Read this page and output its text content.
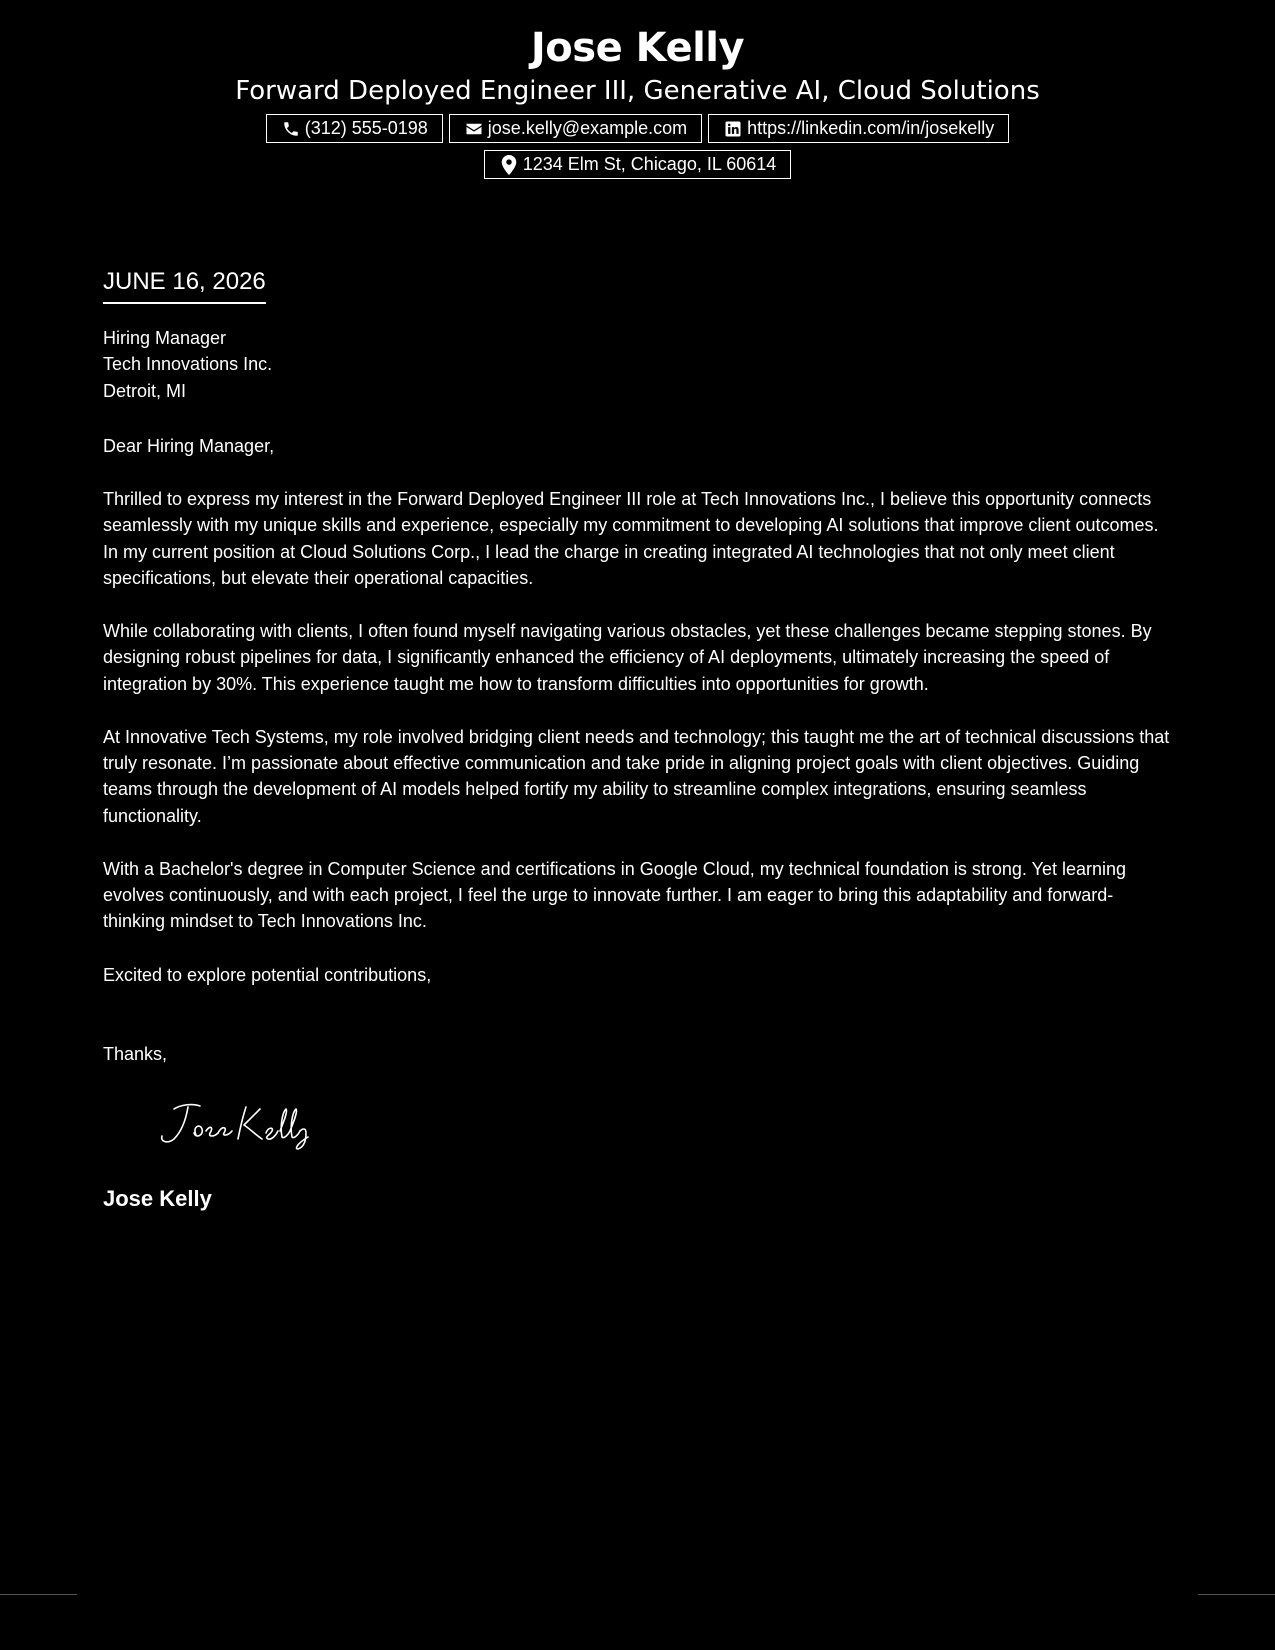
Jose Kelly
Forward Deployed Engineer III, Generative AI, Cloud Solutions
(312) 555-0198	jose.kelly@example.com	https://linkedin.com/in/josekelly
1234 Elm St, Chicago, IL 60614
JUNE 16, 2026
Hiring Manager
Tech Innovations Inc.
Detroit, MI
Dear Hiring Manager,

Thrilled to express my interest in the Forward Deployed Engineer III role at Tech Innovations Inc., I believe this opportunity connects seamlessly with my unique skills and experience, especially my commitment to developing AI solutions that improve client outcomes. In my current position at Cloud Solutions Corp., I lead the charge in creating integrated AI technologies that not only meet client specifications, but elevate their operational capacities.

While collaborating with clients, I often found myself navigating various obstacles, yet these challenges became stepping stones. By designing robust pipelines for data, I significantly enhanced the efficiency of AI deployments, ultimately increasing the speed of integration by 30%. This experience taught me how to transform difficulties into opportunities for growth.

At Innovative Tech Systems, my role involved bridging client needs and technology; this taught me the art of technical discussions that truly resonate. I’m passionate about effective communication and take pride in aligning project goals with client objectives. Guiding teams through the development of AI models helped fortify my ability to streamline complex integrations, ensuring seamless functionality.

With a Bachelor's degree in Computer Science and certifications in Google Cloud, my technical foundation is strong. Yet learning evolves continuously, and with each project, I feel the urge to innovate further. I am eager to bring this adaptability and forward-thinking mindset to Tech Innovations Inc.

Excited to explore potential contributions,
Thanks,
Jose Kelly
